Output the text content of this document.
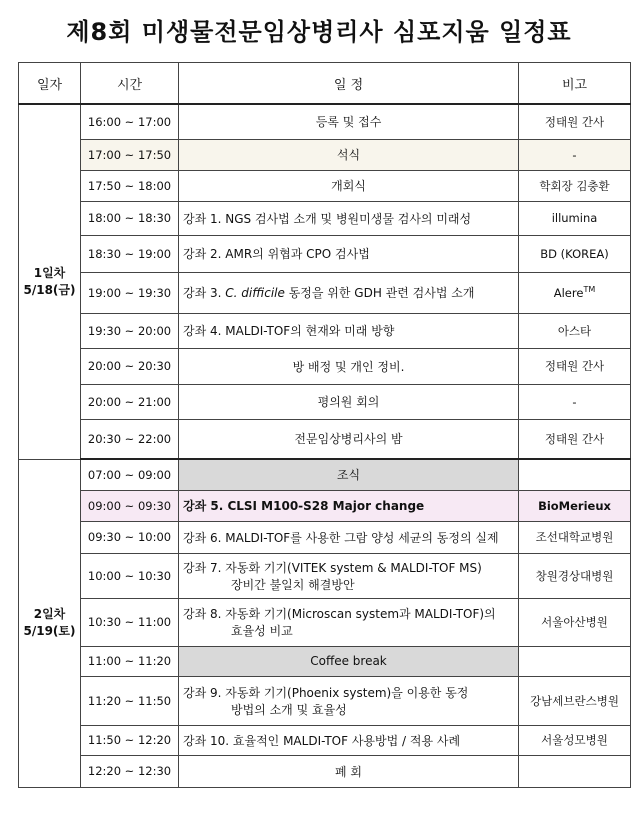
제8회 미생물전문임상병리사 심포지움 일정표
일자	시간	일 정	비고
1일차
5/18(금)	16:00 ~ 17:00	등록 및 접수	정태원 간사
	17:00 ~ 17:50	석식	-
	17:50 ~ 18:00	개회식	학회장 김충환
	18:00 ~ 18:30	강좌 1. NGS 검사법 소개 및 병원미생물 검사의 미래성	illumina
	18:30 ~ 19:00	강좌 2. AMR의 위협과 CPO 검사법	BD (KOREA)
	19:00 ~ 19:30	강좌 3. C. difficile 동정을 위한 GDH 관련 검사법 소개	Alere™
	19:30 ~ 20:00	강좌 4. MALDI-TOF의 현재와 미래 방향	아스타
	20:00 ~ 20:30	방 배정 및 개인 정비.	정태원 간사
	20:00 ~ 21:00	평의원 회의	-
	20:30 ~ 22:00	전문임상병리사의 밤	정태원 간사
2일차
5/19(토)	07:00 ~ 09:00	조식	
	09:00 ~ 09:30	강좌 5. CLSI M100-S28 Major change	BioMerieux
	09:30 ~ 10:00	강좌 6. MALDI-TOF를 사용한 그람 양성 세균의 동정의 실제	조선대학교병원
	10:00 ~ 10:30	강좌 7. 자동화 기기(VITEK system & MALDI-TOF MS)
장비간 불일치 해결방안	창원경상대병원
	10:30 ~ 11:00	강좌 8. 자동화 기기(Microscan system과 MALDI-TOF)의
효율성 비교	서울아산병원
	11:00 ~ 11:20	Coffee break	
	11:20 ~ 11:50	강좌 9. 자동화 기기(Phoenix system)을 이용한 동정
방법의 소개 및 효율성	강남세브란스병원
	11:50 ~ 12:20	강좌 10. 효율적인 MALDI-TOF 사용방법 / 적용 사례	서울성모병원
	12:20 ~ 12:30	폐 회	
